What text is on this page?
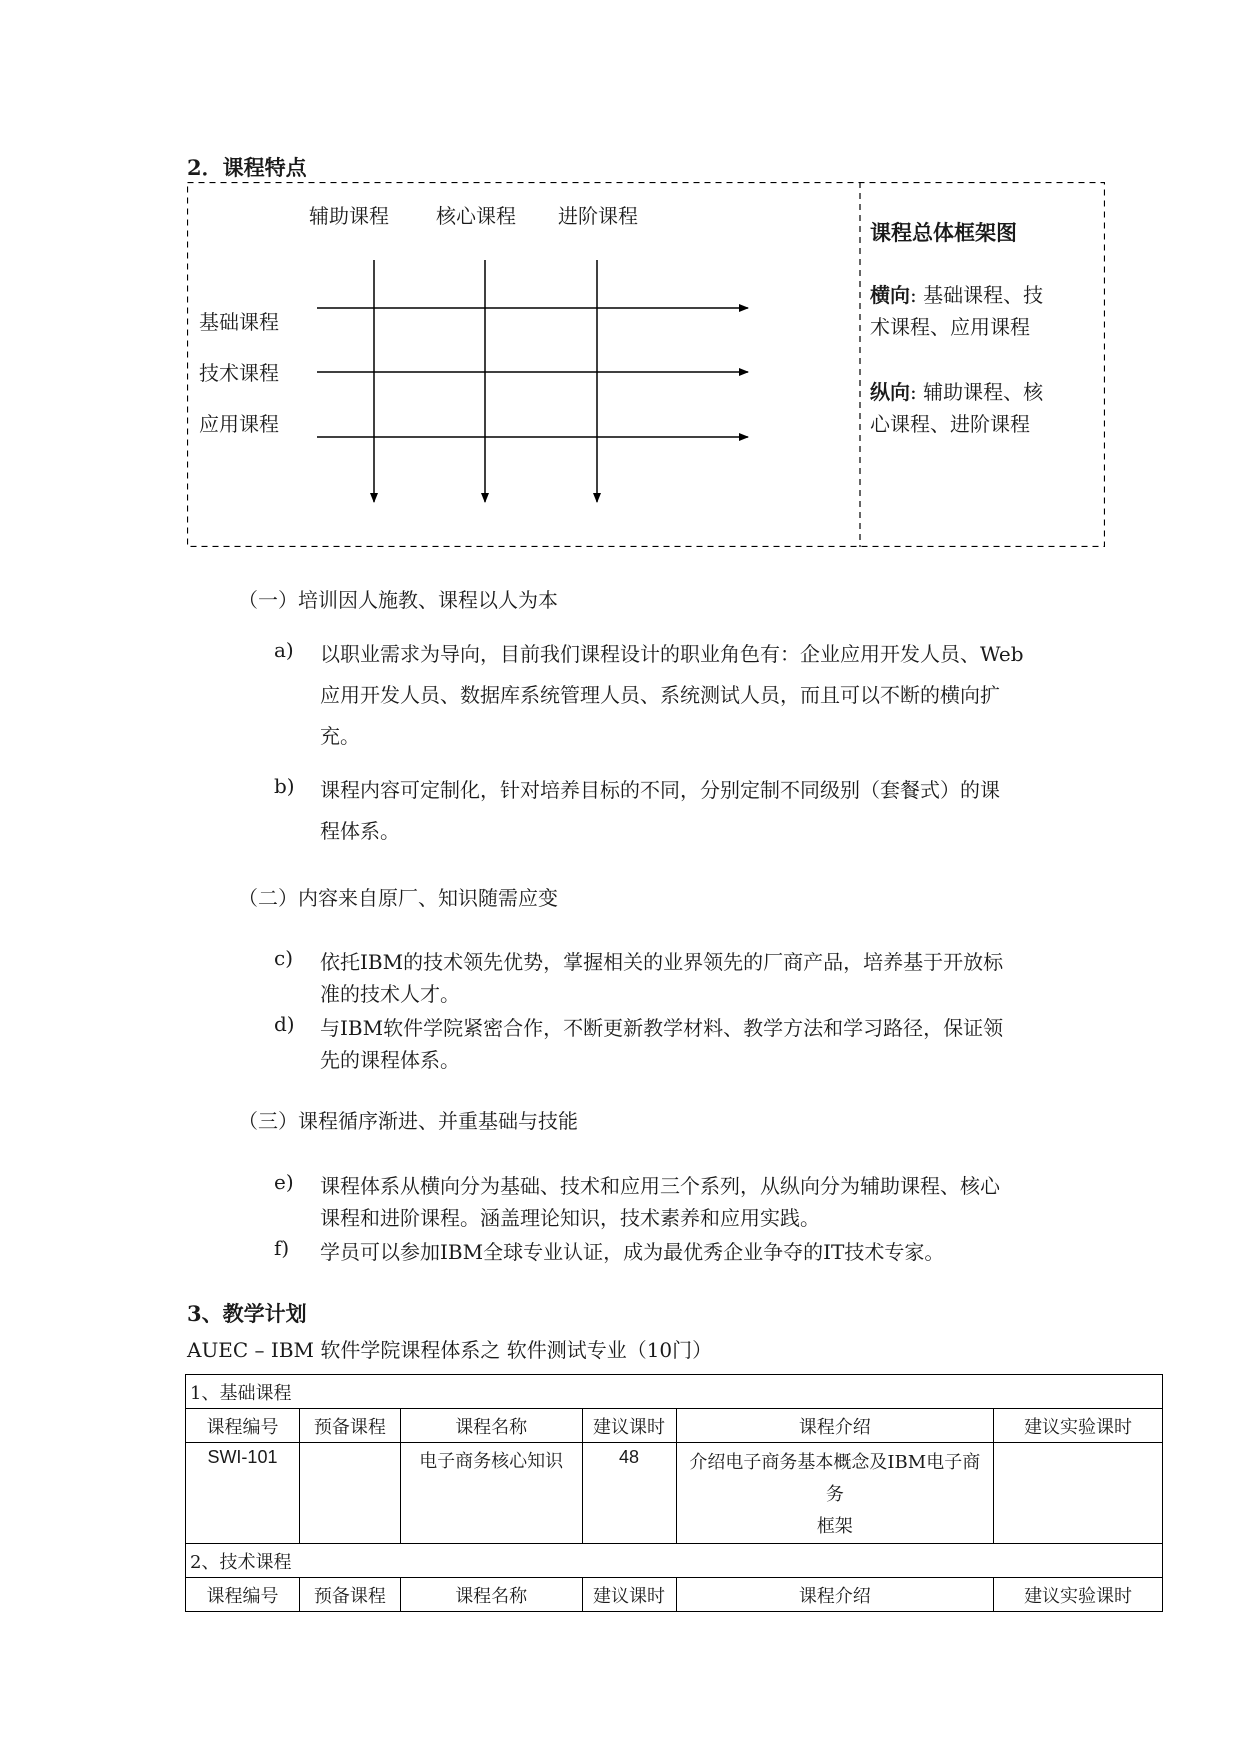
2．课程特点
辅助课程 核心课程 进阶课程
基础课程
技术课程
应用课程
课程总体框架图
横向: 基础课程、技
术课程、应用课程
纵向: 辅助课程、核
心课程、进阶课程
（一）培训因人施教、课程以人为本
a) 以职业需求为导向，目前我们课程设计的职业角色有：企业应用开发人员、Web
应用开发人员、数据库系统管理人员、系统测试人员，而且可以不断的横向扩
充。
b) 课程内容可定制化，针对培养目标的不同，分别定制不同级别（套餐式）的课
程体系。
（二）内容来自原厂、知识随需应变
c) 依托IBM的技术领先优势，掌握相关的业界领先的厂商产品，培养基于开放标
准的技术人才。
d) 与IBM软件学院紧密合作，不断更新教学材料、教学方法和学习路径，保证领
先的课程体系。
（三）课程循序渐进、并重基础与技能
e) 课程体系从横向分为基础、技术和应用三个系列，从纵向分为辅助课程、核心
课程和进阶课程。涵盖理论知识，技术素养和应用实践。
f) 学员可以参加IBM全球专业认证，成为最优秀企业争夺的IT技术专家。
3、教学计划
AUEC – IBM 软件学院课程体系之 软件测试专业（10门）
1、基础课程					
课程编号	预备课程	课程名称	建议课时	课程介绍	建议实验课时
SWI-101		电子商务核心知识	48	介绍电子商务基本概念及IBM电子商务
框架	
2、技术课程					
课程编号	预备课程	课程名称	建议课时	课程介绍	建议实验课时
